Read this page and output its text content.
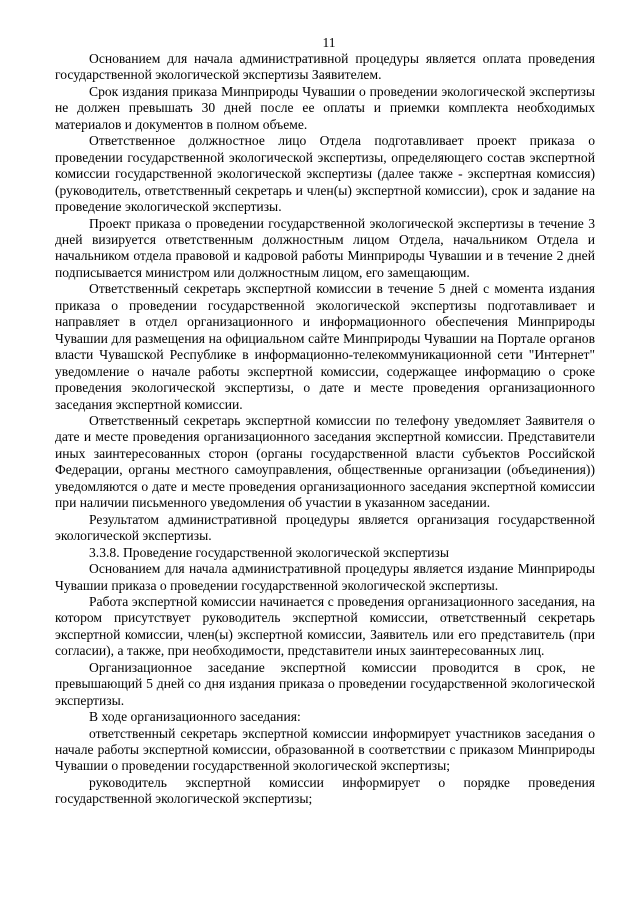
11

Основанием для начала административной процедуры является оплата проведения государственной экологической экспертизы Заявителем.

Срок издания приказа Минприроды Чувашии о проведении экологической экспертизы не должен превышать 30 дней после ее оплаты и приемки комплекта необходимых материалов и документов в полном объеме.

Ответственное должностное лицо Отдела подготавливает проект приказа о проведении государственной экологической экспертизы, определяющего состав экспертной комиссии государственной экологической экспертизы (далее также - экспертная комиссия) (руководитель, ответственный секретарь и член(ы) экспертной комиссии), срок и задание на проведение экологической экспертизы.

Проект приказа о проведении государственной экологической экспертизы в течение 3 дней визируется ответственным должностным лицом Отдела, начальником Отдела и начальником отдела правовой и кадровой работы Минприроды Чувашии и в течение 2 дней подписывается министром или должностным лицом, его замещающим.

Ответственный секретарь экспертной комиссии в течение 5 дней с момента издания приказа о проведении государственной экологической экспертизы подготавливает и направляет в отдел организационного и информационного обеспечения Минприроды Чувашии для размещения на официальном сайте Минприроды Чувашии на Портале органов власти Чувашской Республике в информационно-телекоммуникационной сети "Интернет" уведомление о начале работы экспертной комиссии, содержащее информацию о сроке проведения экологической экспертизы, о дате и месте проведения организационного заседания экспертной комиссии.

Ответственный секретарь экспертной комиссии по телефону уведомляет Заявителя о дате и месте проведения организационного заседания экспертной комиссии. Представители иных заинтересованных сторон (органы государственной власти субъектов Российской Федерации, органы местного самоуправления, общественные организации (объединения)) уведомляются о дате и месте проведения организационного заседания экспертной комиссии при наличии письменного уведомления об участии в указанном заседании.

Результатом административной процедуры является организация государственной экологической экспертизы.

3.3.8. Проведение государственной экологической экспертизы

Основанием для начала административной процедуры является издание Минприроды Чувашии приказа о проведении государственной экологической экспертизы.

Работа экспертной комиссии начинается с проведения организационного заседания, на котором присутствует руководитель экспертной комиссии, ответственный секретарь экспертной комиссии, член(ы) экспертной комиссии, Заявитель или его представитель (при согласии), а также, при необходимости, представители иных заинтересованных лиц.

Организационное заседание экспертной комиссии проводится в срок, не превышающий 5 дней со дня издания приказа о проведении государственной экологической экспертизы.

В ходе организационного заседания:

ответственный секретарь экспертной комиссии информирует участников заседания о начале работы экспертной комиссии, образованной в соответствии с приказом Минприроды Чувашии о проведении государственной экологической экспертизы;

руководитель экспертной комиссии информирует о порядке проведения государственной экологической экспертизы;
